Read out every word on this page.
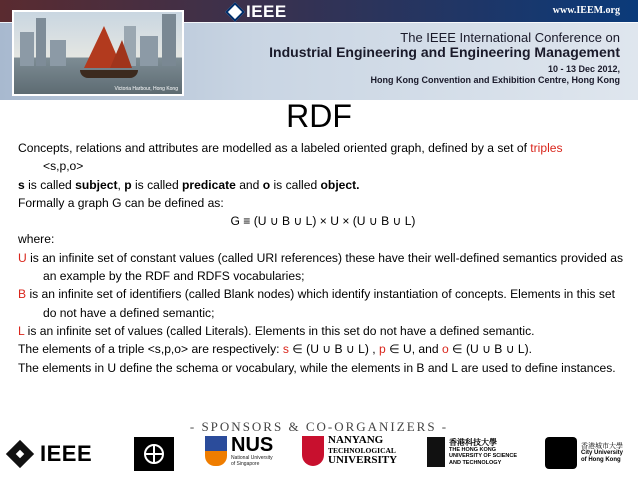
IEEE	www.IEEM.org
Victoria Harbour, Hong Kong
The IEEE International Conference on
Industrial Engineering and Engineering Management
10 - 13 Dec 2012,
Hong Kong Convention and Exhibition Centre, Hong Kong
RDF
Concepts, relations and attributes are modelled as a labeled oriented graph, defined by a set of triples
<s,p,o>
s is called subject, p is called predicate and o is called object.
Formally a graph G can be defined as:
G ≡ (U ∪ B ∪ L) × U × (U ∪ B ∪ L)
where:
U is an infinite set of constant values (called URI references) these have their well-defined semantics provided as an example by the RDF and RDFS vocabularies;
B is an infinite set of identifiers (called Blank nodes) which identify instantiation of concepts. Elements in this set do not have a defined semantic;
L is an infinite set of values (called Literals). Elements in this set do not have a defined semantic.
The elements of a triple <s,p,o> are respectively: s ∈ (U ∪ B ∪ L) , p ∈ U, and o ∈ (U ∪ B ∪ L).
The elements in U define the schema or vocabulary, while the elements in B and L are used to define instances.
- SPONSORS & CO-ORGANIZERS -
IEEE	NUS
National University
of Singapore
NANYANG
TECHNOLOGICAL
UNIVERSITY
香港科技大學
THE HONG KONG
UNIVERSITY OF SCIENCE
AND TECHNOLOGY
香港城市大學
City University
of Hong Kong
